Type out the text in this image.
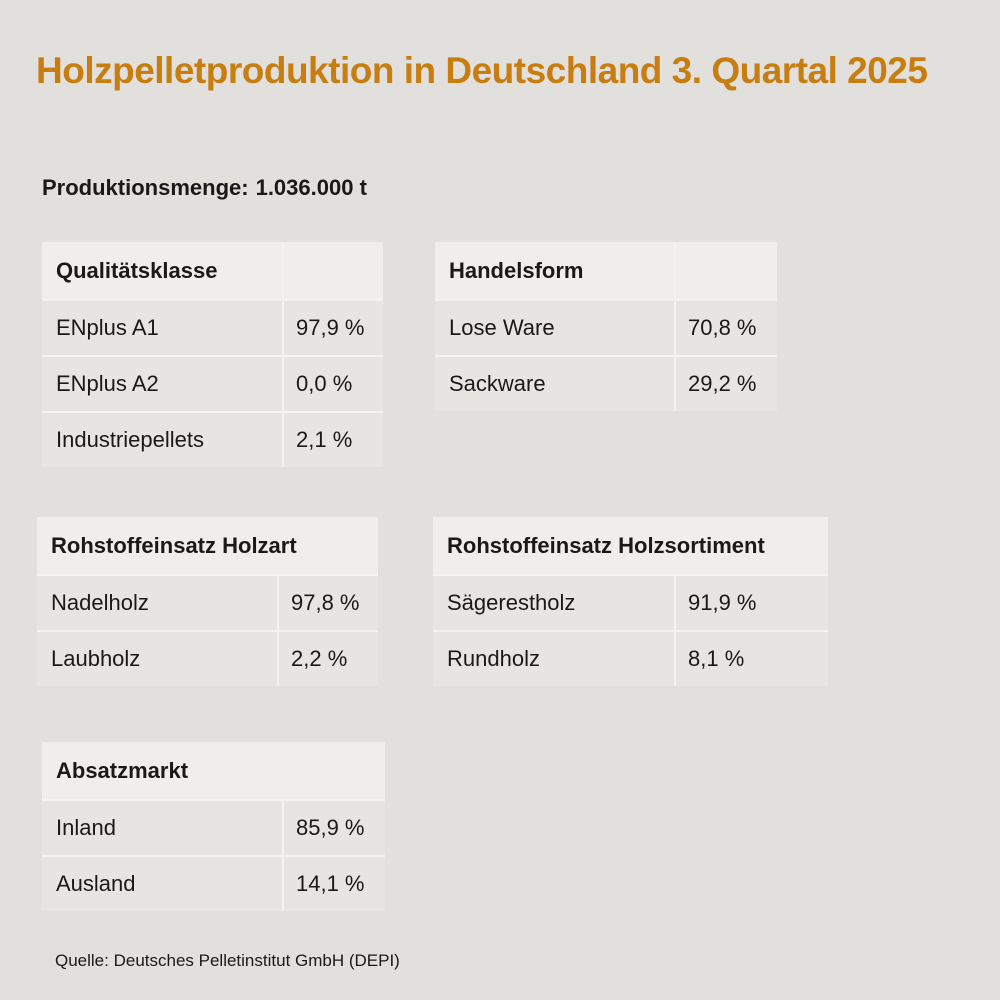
Holzpelletproduktion in Deutschland 3. Quartal 2025
Produktionsmenge: 1.036.000 t
Qualitätsklasse
ENplus A1	97,9 %
ENplus A2	0,0 %
Industriepellets	2,1 %
Handelsform
Lose Ware	70,8 %
Sackware	29,2 %
Rohstoffeinsatz Holzart
Nadelholz	97,8 %
Laubholz	2,2 %
Rohstoffeinsatz Holzsortiment
Sägerestholz	91,9 %
Rundholz	8,1 %
Absatzmarkt
Inland	85,9 %
Ausland	14,1 %
Quelle: Deutsches Pelletinstitut GmbH (DEPI)
